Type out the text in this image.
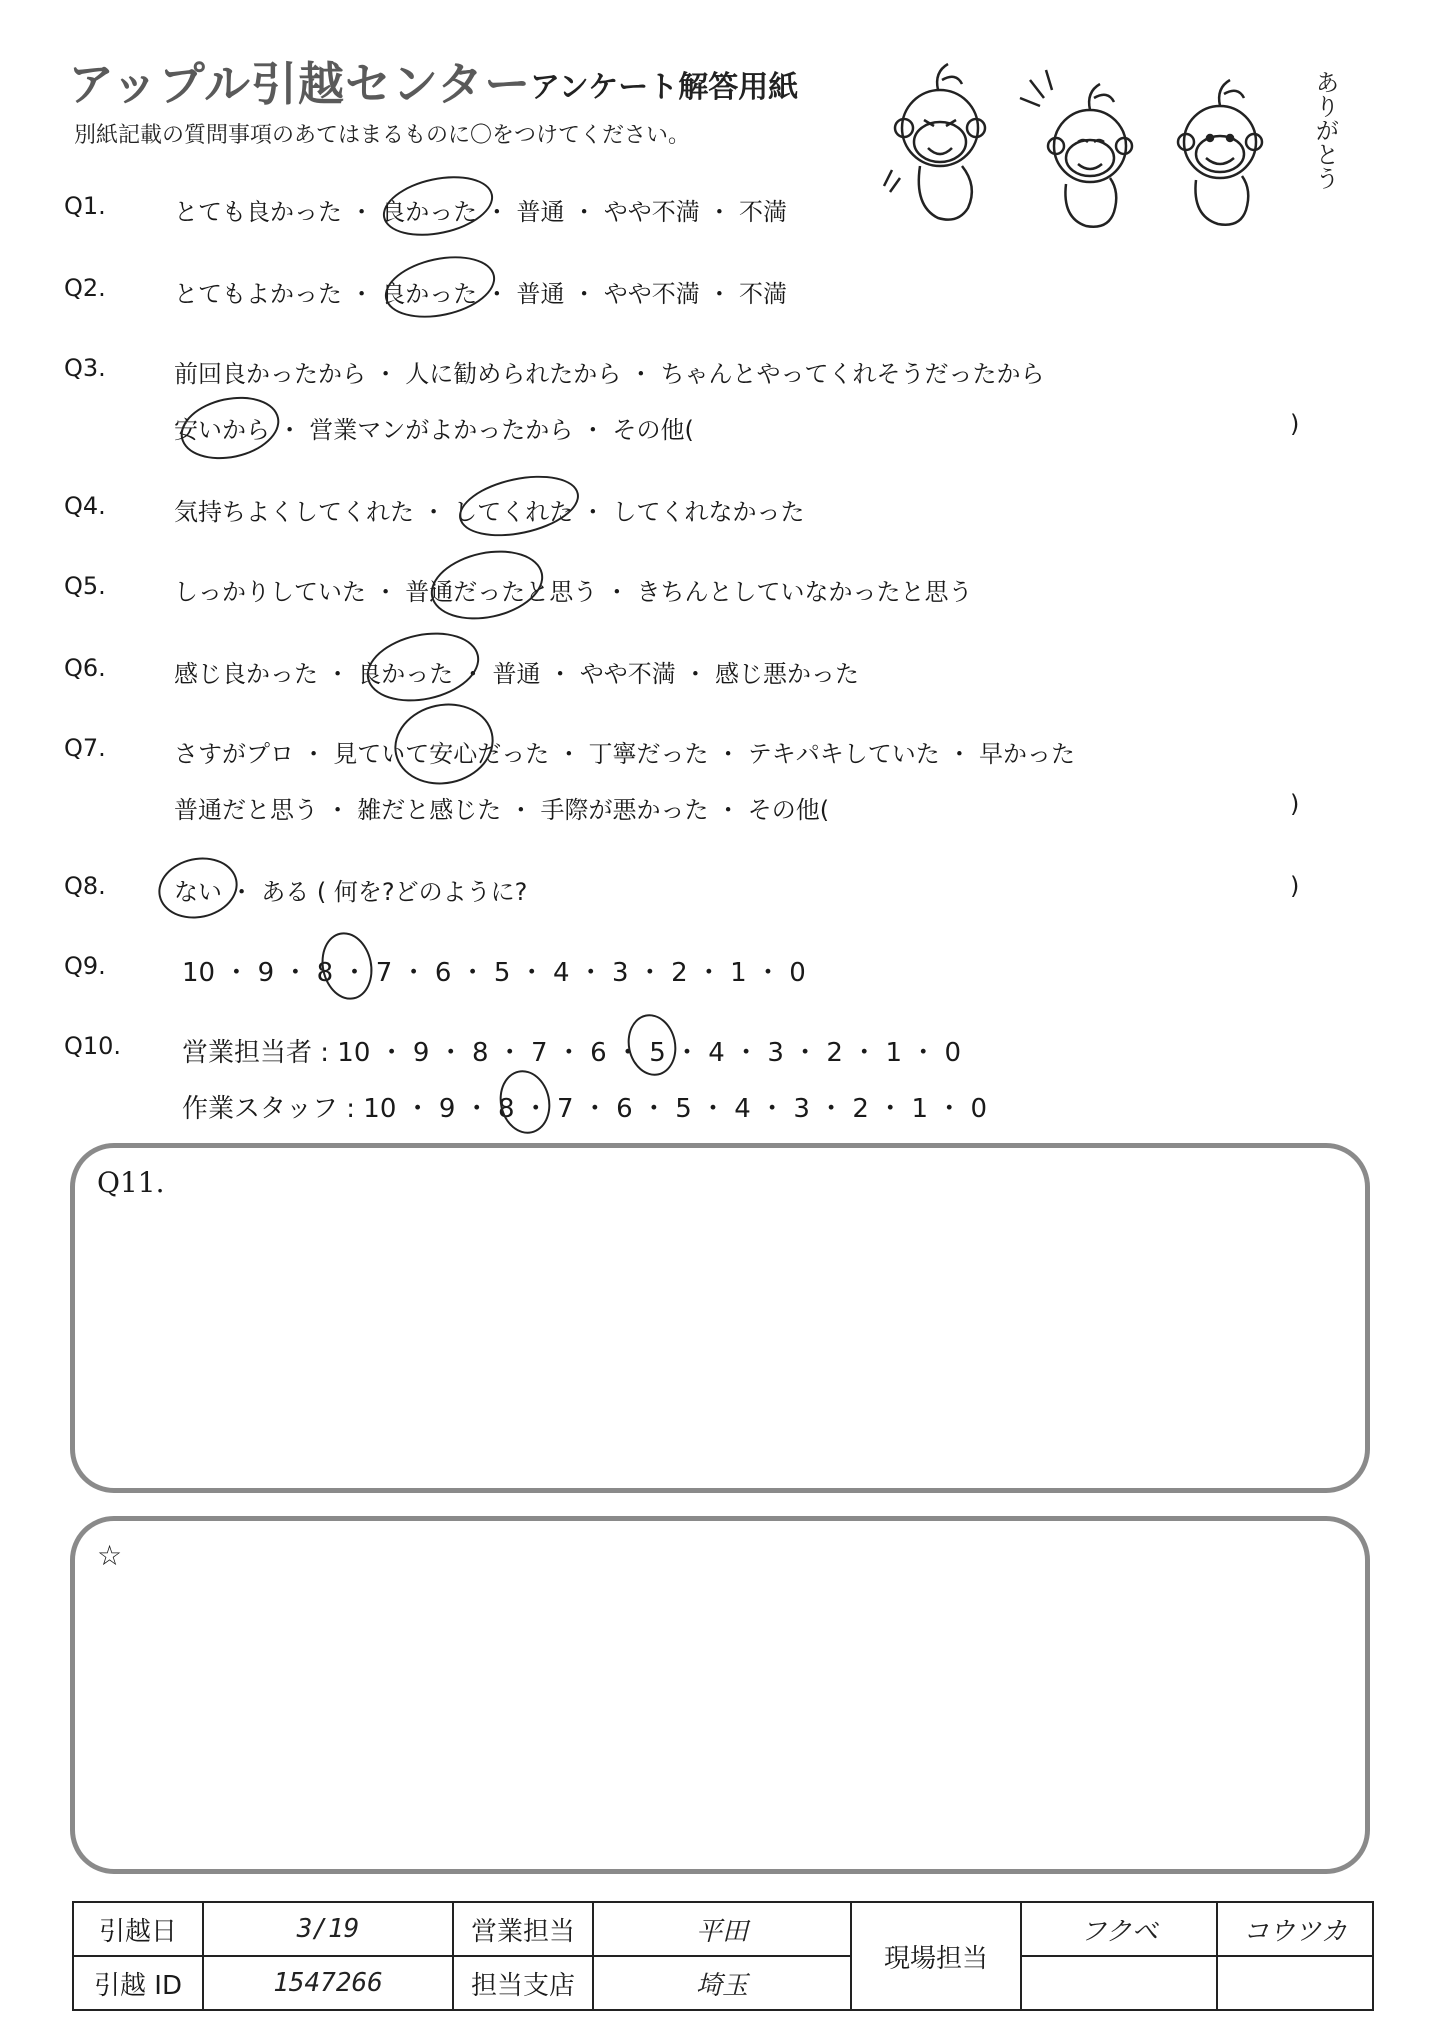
アップル引越センター
アンケート解答用紙
別紙記載の質問事項のあてはまるものに〇をつけてください。	ありがとう
Q1.	とても良かった ・ 良かった ・ 普通 ・ やや不満 ・ 不満
Q2.	とてもよかった ・ 良かった ・ 普通 ・ やや不満 ・ 不満
Q3.	前回良かったから ・ 人に勧められたから ・ ちゃんとやってくれそうだったから
安いから ・ 営業マンがよかったから ・ その他(	)
Q4.	気持ちよくしてくれた ・ してくれた ・ してくれなかった
Q5.	しっかりしていた ・ 普通だったと思う ・ きちんとしていなかったと思う
Q6.	感じ良かった ・ 良かった ・ 普通 ・ やや不満 ・ 感じ悪かった
Q7.	さすがプロ ・ 見ていて安心だった ・ 丁寧だった ・ テキパキしていた ・ 早かった
普通だと思う ・ 雑だと感じた ・ 手際が悪かった ・ その他(	)
Q8.	ない ・ ある ( 何を?どのように?	)
Q9.	10 ・ 9 ・ 8 ・ 7 ・ 6 ・ 5 ・ 4 ・ 3 ・ 2 ・ 1 ・ 0
Q10. 営業担当者 : 10 ・ 9 ・ 8 ・ 7 ・ 6 ・ 5 ・ 4 ・ 3 ・ 2 ・ 1 ・ 0
作業スタッフ : 10 ・ 9 ・ 8 ・ 7 ・ 6 ・ 5 ・ 4 ・ 3 ・ 2 ・ 1 ・ 0
Q11.
☆
引越日	3/19	営業担当	平田	現場担当	フクベ	コウツカ
引越 ID	1547266	担当支店	埼玉			
